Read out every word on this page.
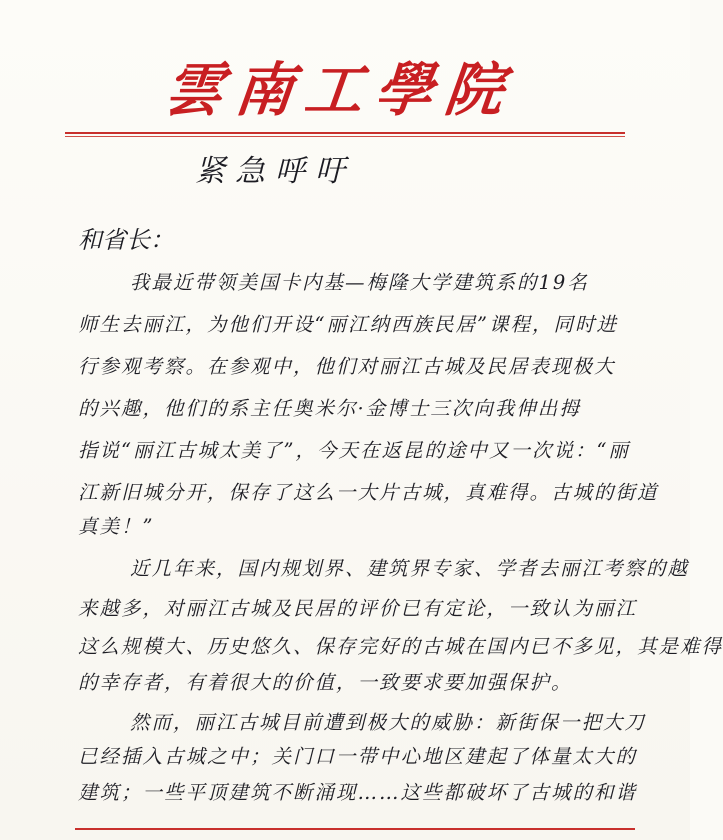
雲南工學院
紧急呼吁
和省长：
我最近带领美国卡内基—梅隆大学建筑系的19名
师生去丽江，为他们开设“丽江纳西族民居”课程，同时进
行参观考察。在参观中，他们对丽江古城及民居表现极大
的兴趣，他们的系主任奥米尔·金博士三次向我伸出拇
指说“丽江古城太美了”，今天在返昆的途中又一次说：“丽
江新旧城分开，保存了这么一大片古城，真难得。古城的街道
真美！”
近几年来，国内规划界、建筑界专家、学者去丽江考察的越
来越多，对丽江古城及民居的评价已有定论，一致认为丽江
这么规模大、历史悠久、保存完好的古城在国内已不多见，其是难得
的幸存者，有着很大的价值，一致要求要加强保护。
然而，丽江古城目前遭到极大的威胁：新街保一把大刀
已经插入古城之中；关门口一带中心地区建起了体量太大的
建筑；一些平顶建筑不断涌现……这些都破坏了古城的和谐
